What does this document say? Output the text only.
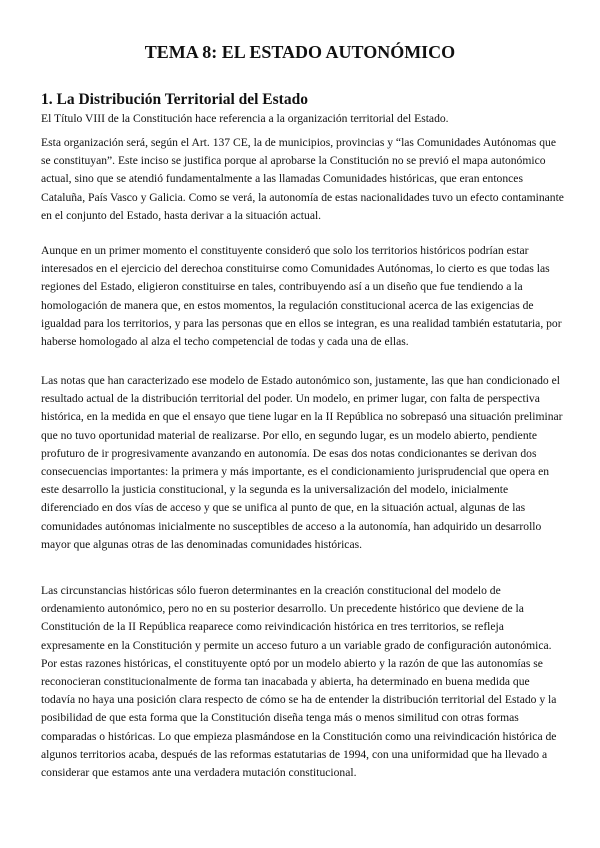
TEMA 8: EL ESTADO AUTONÓMICO
1. La Distribución Territorial del Estado

El Título VIII de la Constitución hace referencia a la organización territorial del Estado.

Esta organización será, según el Art. 137 CE, la de municipios, provincias y “las Comunidades Autónomas que se constituyan”. Este inciso se justifica porque al aprobarse la Constitución no se previó el mapa autonómico actual, sino que se atendió fundamentalmente a las llamadas Comunidades históricas, que eran entonces Cataluña, País Vasco y Galicia. Como se verá, la autonomía de estas nacionalidades tuvo un efecto contaminante en el conjunto del Estado, hasta derivar a la situación actual.

Aunque en un primer momento el constituyente consideró que solo los territorios históricos podrían estar interesados en el ejercicio del derechoa constituirse como Comunidades Autónomas, lo cierto es que todas las regiones del Estado, eligieron constituirse en tales, contribuyendo así a un diseño que fue tendiendo a la homologación de manera que, en estos momentos, la regulación constitucional acerca de las exigencias de igualdad para los territorios, y para las personas que en ellos se integran, es una realidad también estatutaria, por haberse homologado al alza el techo competencial de todas y cada una de ellas.

Las notas que han caracterizado ese modelo de Estado autonómico son, justamente, las que han condicionado el resultado actual de la distribución territorial del poder. Un modelo, en primer lugar, con falta de perspectiva histórica, en la medida en que el ensayo que tiene lugar en la II República no sobrepasó una situación preliminar que no tuvo oportunidad material de realizarse. Por ello, en segundo lugar, es un modelo abierto, pendiente profuturo de ir progresivamente avanzando en autonomía. De esas dos notas condicionantes se derivan dos consecuencias importantes: la primera y más importante, es el condicionamiento jurisprudencial que opera en este desarrollo la justicia constitucional, y la segunda es la universalización del modelo, inicialmente diferenciado en dos vías de acceso y que se unifica al punto de que, en la situación actual, algunas de las comunidades autónomas inicialmente no susceptibles de acceso a la autonomía, han adquirido un desarrollo mayor que algunas otras de las denominadas comunidades históricas.

Las circunstancias históricas sólo fueron determinantes en la creación constitucional del modelo de ordenamiento autonómico, pero no en su posterior desarrollo. Un precedente histórico que deviene de la Constitución de la II República reaparece como reivindicación histórica en tres territorios, se refleja expresamente en la Constitución y permite un acceso futuro a un variable grado de configuración autonómica. Por estas razones históricas, el constituyente optó por un modelo abierto y la razón de que las autonomías se reconocieran constitucionalmente de forma tan inacabada y abierta, ha determinado en buena medida que todavía no haya una posición clara respecto de cómo se ha de entender la distribución territorial del Estado y la posibilidad de que esta forma que la Constitución diseña tenga más o menos similitud con otras formas comparadas o históricas. Lo que empieza plasmándose en la Constitución como una reivindicación histórica de algunos territorios acaba, después de las reformas estatutarias de 1994, con una uniformidad que ha llevado a considerar que estamos ante una verdadera mutación constitucional.
